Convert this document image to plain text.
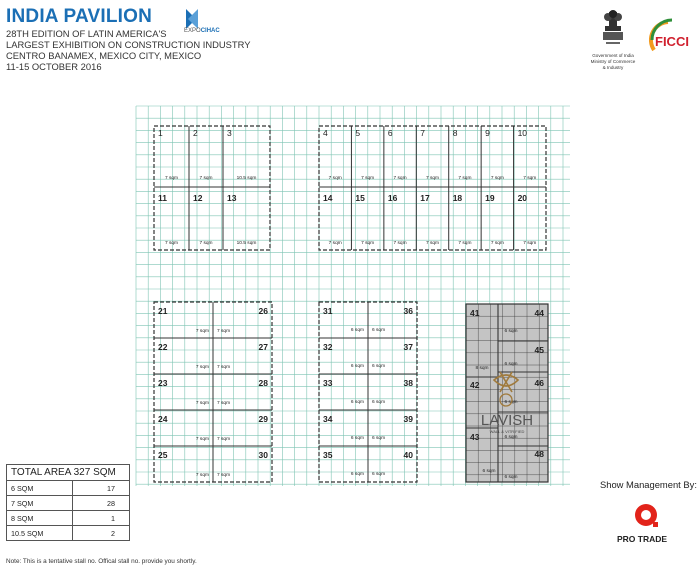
INDIA PAVILION
28TH EDITION OF LATIN AMERICA'S
LARGEST EXHIBITION ON CONSTRUCTION INDUSTRY
CENTRO BANAMEX, MEXICO CITY, MEXICO
11-15 OCTOBER 2016
EXPOCIHAC
Government of India
Ministry of Commerce & Industry
FICCI
1
7 sqm
11
7 sqm
2
7 sqm
12
7 sqm
3
10.5 sqm
13
10.5 sqm
4
7 sqm
14
7 sqm
5
7 sqm
15
7 sqm
6
7 sqm
16
7 sqm
7
7 sqm
17
7 sqm
8
7 sqm
18
7 sqm
9
7 sqm
19
7 sqm
10
7 sqm
20
7 sqm
21	26
7 sqm 7 sqm
22	27
7 sqm 7 sqm
23	28
7 sqm 7 sqm
24	29
7 sqm 7 sqm
25	30
7 sqm 7 sqm
31	36
6 sqm 6 sqm
32	37
6 sqm 6 sqm
33	38
6 sqm 6 sqm
34	39
6 sqm 6 sqm
35	40
6 sqm 6 sqm
41	44
45
42	46
43
48
6 sqm
8 sqm
6 sqm
6 sqm
6 sqm
6 sqm
6 sqm
LAVISH
WALL & VITRIFIED
TOTAL AREA 327 SQM	
6 SQM	17
7 SQM	28
8 SQM	1
10.5 SQM	2
Note: This is a tentative stall no. Offical stall no. provide you shortly.
Show Management By:
PRO TRADE
